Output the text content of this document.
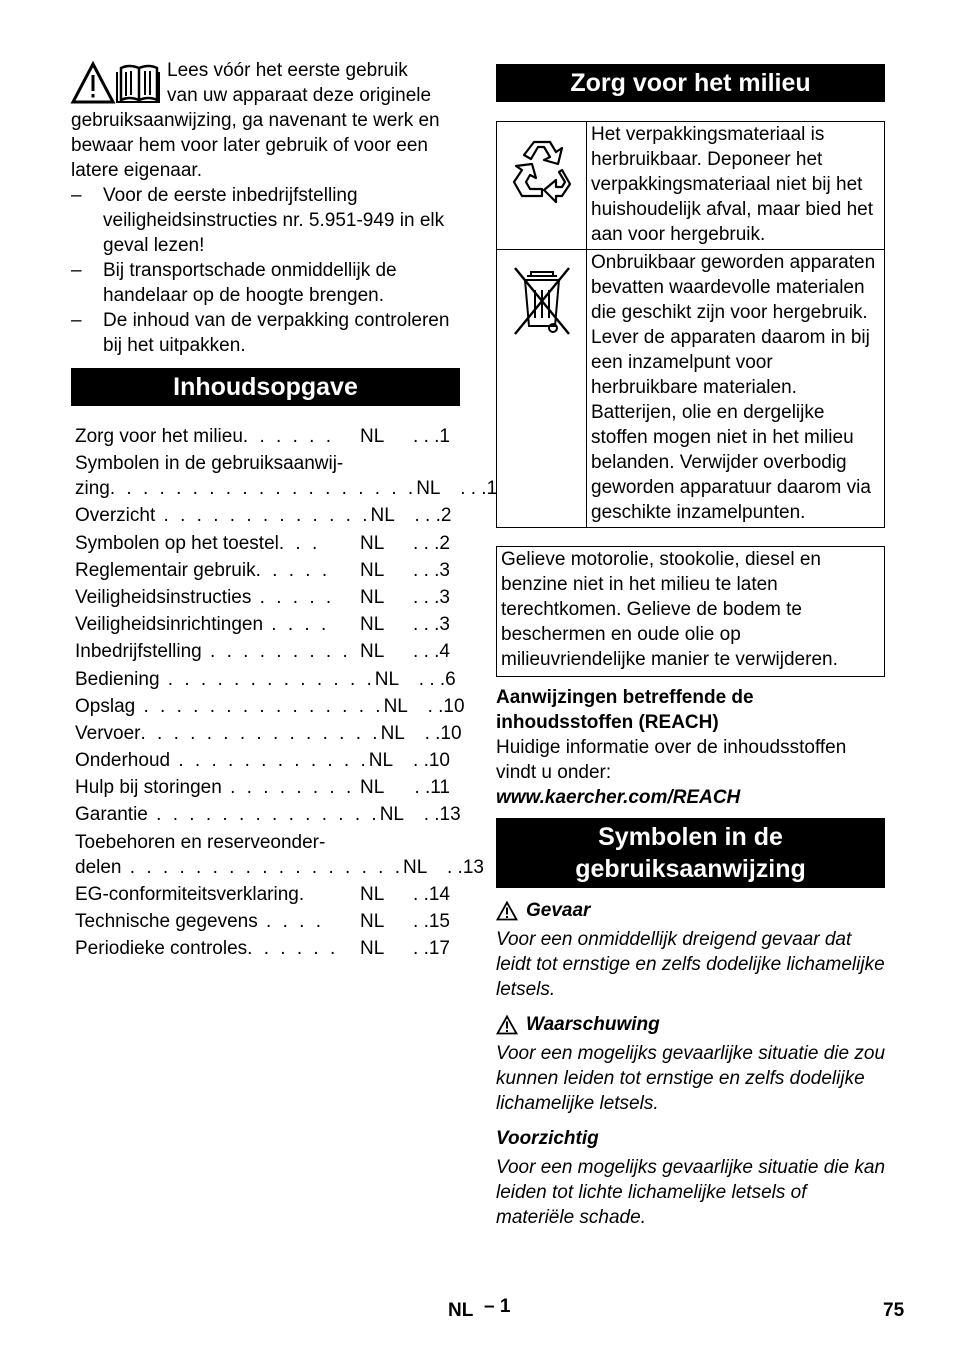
Lees vóór het eerste gebruik

van uw apparaat deze originele

gebruiksaanwijzing, ga navenant te werk en bewaar hem voor later gebruik of voor een latere eigenaar.

– Voor de eerste inbedrijfstelling veiligheidsinstructies nr. 5.951-949 in elk geval lezen!
– Bij transportschade onmiddellijk de handelaar op de hoogte brengen.
– De inhoud van de verpakking controleren bij het uitpakken.
Inhoudsopgave
Zorg voor het milieu. . . . . .	NL	. . .1
Symbolen in de gebruiksaanwij-
zing. . . . . . . . . . . . . . . . . . . NL	. . .1
Overzicht . . . . . . . . . . . . . NL	. . .2
Symbolen op het toestel. . .	NL	. . .2
Reglementair gebruik. . . . .	NL	. . .3
Veiligheidsinstructies . . . . .	NL	. . .3
Veiligheidsinrichtingen . . . .	NL	. . .3
Inbedrijfstelling . . . . . . . . . NL	. . .4
Bediening . . . . . . . . . . . . . NL	. . .6
Opslag . . . . . . . . . . . . . . . NL	. .10
Vervoer. . . . . . . . . . . . . . . NL	. .10
Onderhoud . . . . . . . . . . . . NL	. .10
Hulp bij storingen . . . . . . . . NL	. .11
Garantie . . . . . . . . . . . . . . NL	. .13
Toebehoren en reserveonder-
delen . . . . . . . . . . . . . . . . . NL	. .13
EG-conformiteitsverklaring.	NL	. .14
Technische gegevens . . . .	NL	. .15
Periodieke controles. . . . . .	NL	. .17
Zorg voor het milieu
Het verpakkingsmateriaal is herbruikbaar. Deponeer het verpakkingsmateriaal niet bij het huishoudelijk afval, maar bied het aan voor hergebruik.
Onbruikbaar geworden apparaten bevatten waardevolle materialen die geschikt zijn voor hergebruik. Lever de apparaten daarom in bij een inzamelpunt voor herbruikbare materialen. Batterijen, olie en dergelijke stoffen mogen niet in het milieu belanden. Verwijder overbodig geworden apparatuur daarom via geschikte inzamelpunten.
Gelieve motorolie, stookolie, diesel en benzine niet in het milieu te laten terechtkomen. Gelieve de bodem te beschermen en oude olie op milieuvriendelijke manier te verwijderen.

Aanwijzingen betreffende de inhoudsstoffen (REACH)

Huidige informatie over de inhoudsstoffen vindt u onder:

www.kaercher.com/REACH

Symbolen in de gebruiksaanwijzing
Gevaar

Voor een onmiddellijk dreigend gevaar dat leidt tot ernstige en zelfs dodelijke lichamelijke letsels.

Waarschuwing

Voor een mogelijks gevaarlijke situatie die zou kunnen leiden tot ernstige en zelfs dodelijke lichamelijke letsels.

Voorzichtig

Voor een mogelijks gevaarlijke situatie die kan leiden tot lichte lichamelijke letsels of materiële schade.

NL – 1	75
